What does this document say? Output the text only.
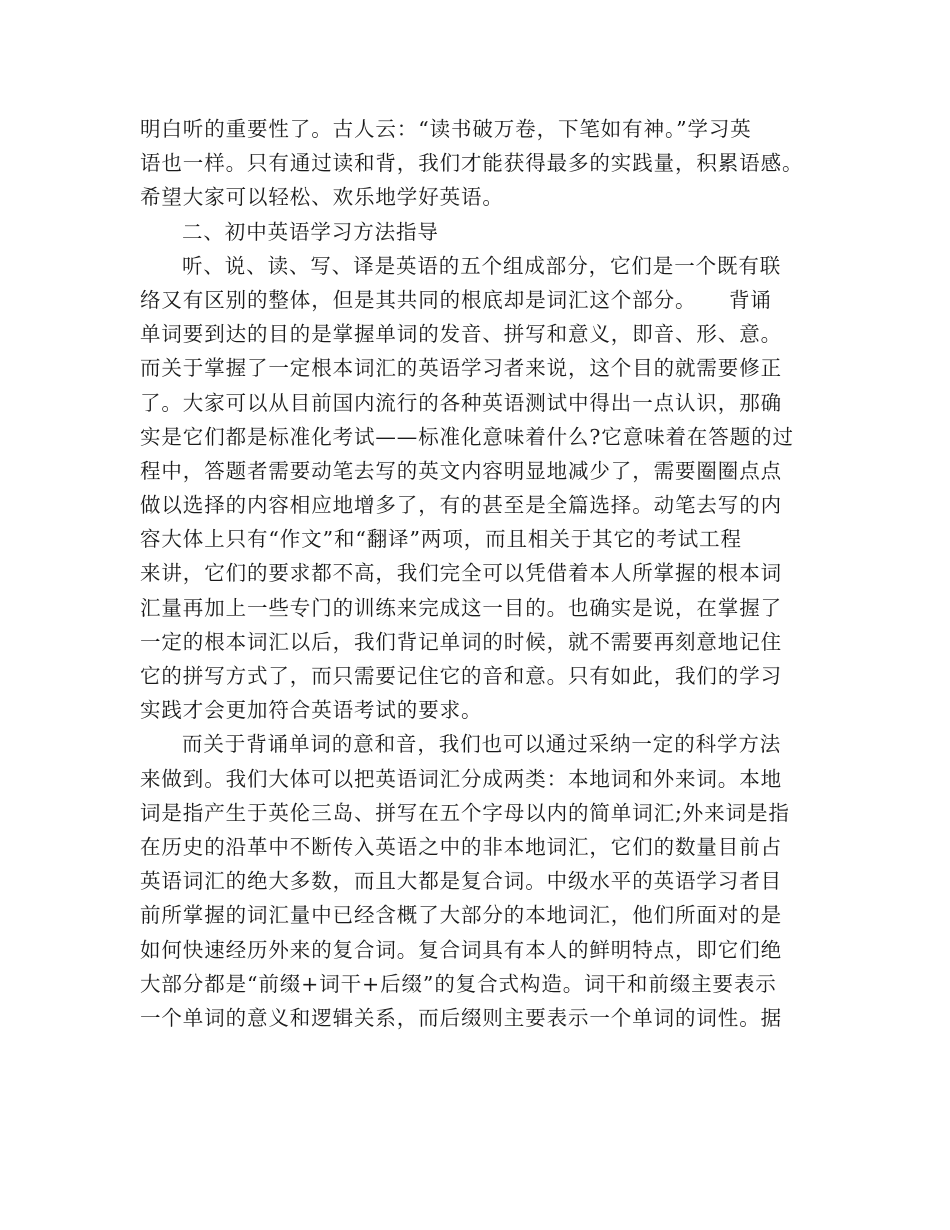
明白听的重要性了。古人云：“读书破万卷，下笔如有神。”学习英
语也一样。只有通过读和背，我们才能获得最多的实践量，积累语感。
希望大家可以轻松、欢乐地学好英语。
二、初中英语学习方法指导
听、说、读、写、译是英语的五个组成部分，它们是一个既有联
络又有区别的整体，但是其共同的根底却是词汇这个部分。　　背诵
单词要到达的目的是掌握单词的发音、拼写和意义，即音、形、意。
而关于掌握了一定根本词汇的英语学习者来说，这个目的就需要修正
了。大家可以从目前国内流行的各种英语测试中得出一点认识，那确
实是它们都是标准化考试——标准化意味着什么?它意味着在答题的过
程中，答题者需要动笔去写的英文内容明显地减少了，需要圈圈点点
做以选择的内容相应地增多了，有的甚至是全篇选择。动笔去写的内
容大体上只有“作文”和“翻译”两项，而且相关于其它的考试工程
来讲，它们的要求都不高，我们完全可以凭借着本人所掌握的根本词
汇量再加上一些专门的训练来完成这一目的。也确实是说，在掌握了
一定的根本词汇以后，我们背记单词的时候，就不需要再刻意地记住
它的拼写方式了，而只需要记住它的音和意。只有如此，我们的学习
实践才会更加符合英语考试的要求。
而关于背诵单词的意和音，我们也可以通过采纳一定的科学方法
来做到。我们大体可以把英语词汇分成两类：本地词和外来词。本地
词是指产生于英伦三岛、拼写在五个字母以内的简单词汇;外来词是指
在历史的沿革中不断传入英语之中的非本地词汇，它们的数量目前占
英语词汇的绝大多数，而且大都是复合词。中级水平的英语学习者目
前所掌握的词汇量中已经含概了大部分的本地词汇，他们所面对的是
如何快速经历外来的复合词。复合词具有本人的鲜明特点，即它们绝
大部分都是“前缀+词干+后缀”的复合式构造。词干和前缀主要表示
一个单词的意义和逻辑关系，而后缀则主要表示一个单词的词性。据
